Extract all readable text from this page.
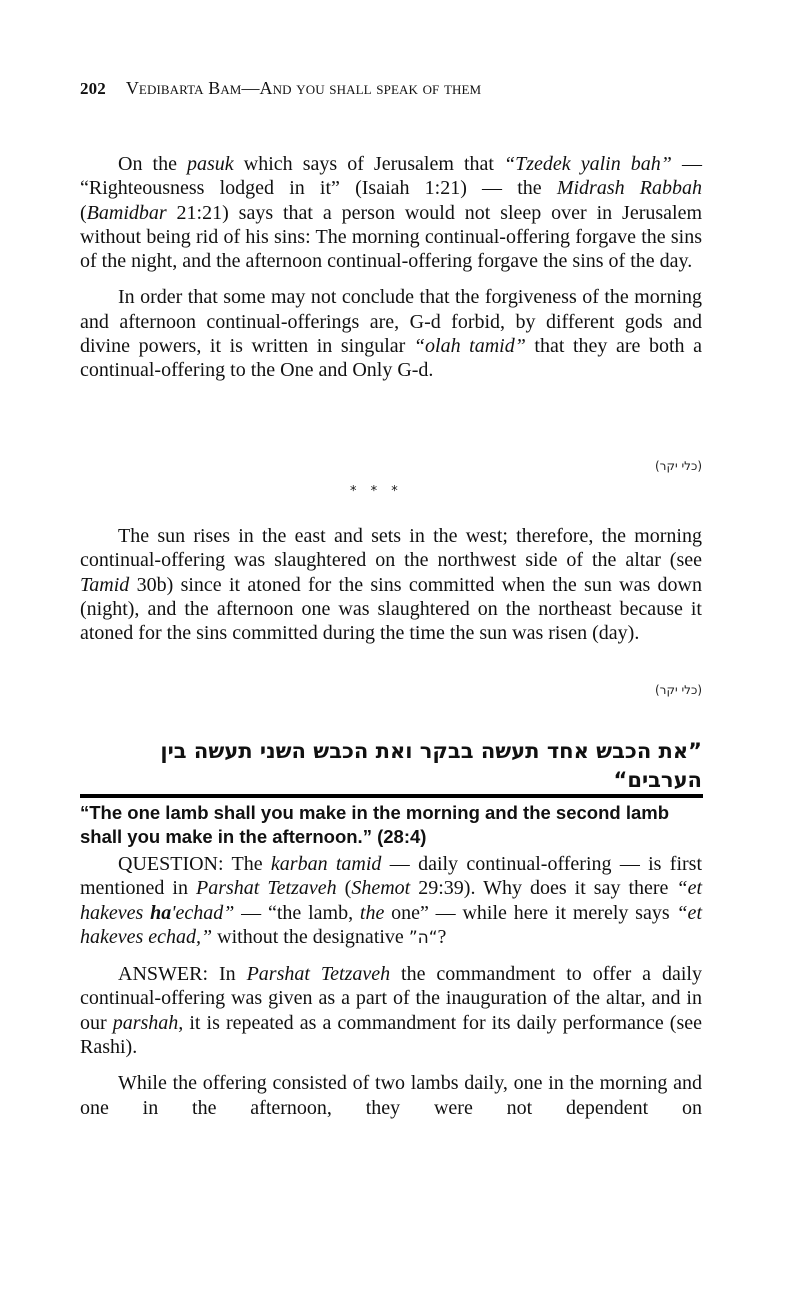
202 Vedibarta Bam—And you shall speak of them

On the pasuk which says of Jerusalem that “Tzedek yalin bah” — “Righteousness lodged in it” (Isaiah 1:21) — the Midrash Rabbah (Bamidbar 21:21) says that a person would not sleep over in Jerusalem without being rid of his sins: The morning continual-offering forgave the sins of the night, and the afternoon continual-offering forgave the sins of the day.

In order that some may not conclude that the forgiveness of the morning and afternoon continual-offerings are, G-d forbid, by different gods and divine powers, it is written in singular “olah tamid” that they are both a continual-offering to the One and Only G-d.

(כלי יקר)
* * *

The sun rises in the east and sets in the west; therefore, the morning continual-offering was slaughtered on the northwest side of the altar (see Tamid 30b) since it atoned for the sins committed when the sun was down (night), and the afternoon one was slaughtered on the northeast because it atoned for the sins committed during the time the sun was risen (day).

(כלי יקר)
”את הכבש אחד תעשה בבקר ואת הכבש השני תעשה בין הערבים“
“The one lamb shall you make in the morning and the second lamb shall you make in the afternoon.” (28:4)

QUESTION: The karban tamid — daily continual-offering — is first mentioned in Parshat Tetzaveh (Shemot 29:39). Why does it say there “et hakeves ha'echad” — “the lamb, the one” — while here it merely says “et hakeves echad,” without the designative ”ה“?

ANSWER: In Parshat Tetzaveh the commandment to offer a daily continual-offering was given as a part of the inauguration of the altar, and in our parshah, it is repeated as a commandment for its daily performance (see Rashi).

While the offering consisted of two lambs daily, one in the morning and one in the afternoon, they were not dependent on
